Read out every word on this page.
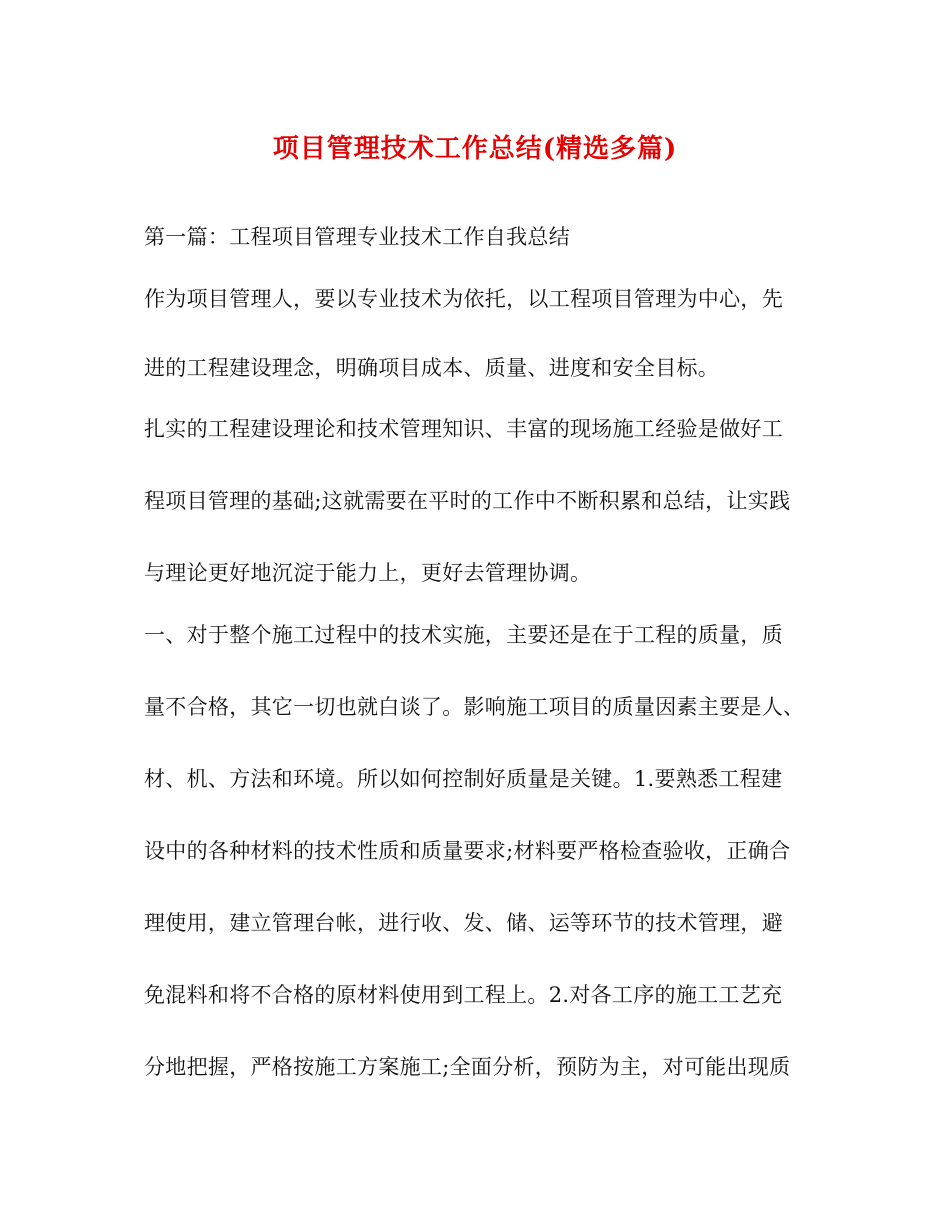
项目管理技术工作总结(精选多篇)
第一篇：工程项目管理专业技术工作自我总结
作为项目管理人，要以专业技术为依托，以工程项目管理为中心，先
进的工程建设理念，明确项目成本、质量、进度和安全目标。
扎实的工程建设理论和技术管理知识、丰富的现场施工经验是做好工
程项目管理的基础;这就需要在平时的工作中不断积累和总结，让实践
与理论更好地沉淀于能力上，更好去管理协调。
一、对于整个施工过程中的技术实施，主要还是在于工程的质量，质
量不合格，其它一切也就白谈了。影响施工项目的质量因素主要是人、
材、机、方法和环境。所以如何控制好质量是关键。1.要熟悉工程建
设中的各种材料的技术性质和质量要求;材料要严格检查验收，正确合
理使用，建立管理台帐，进行收、发、储、运等环节的技术管理，避
免混料和将不合格的原材料使用到工程上。2.对各工序的施工工艺充
分地把握，严格按施工方案施工;全面分析，预防为主，对可能出现质
